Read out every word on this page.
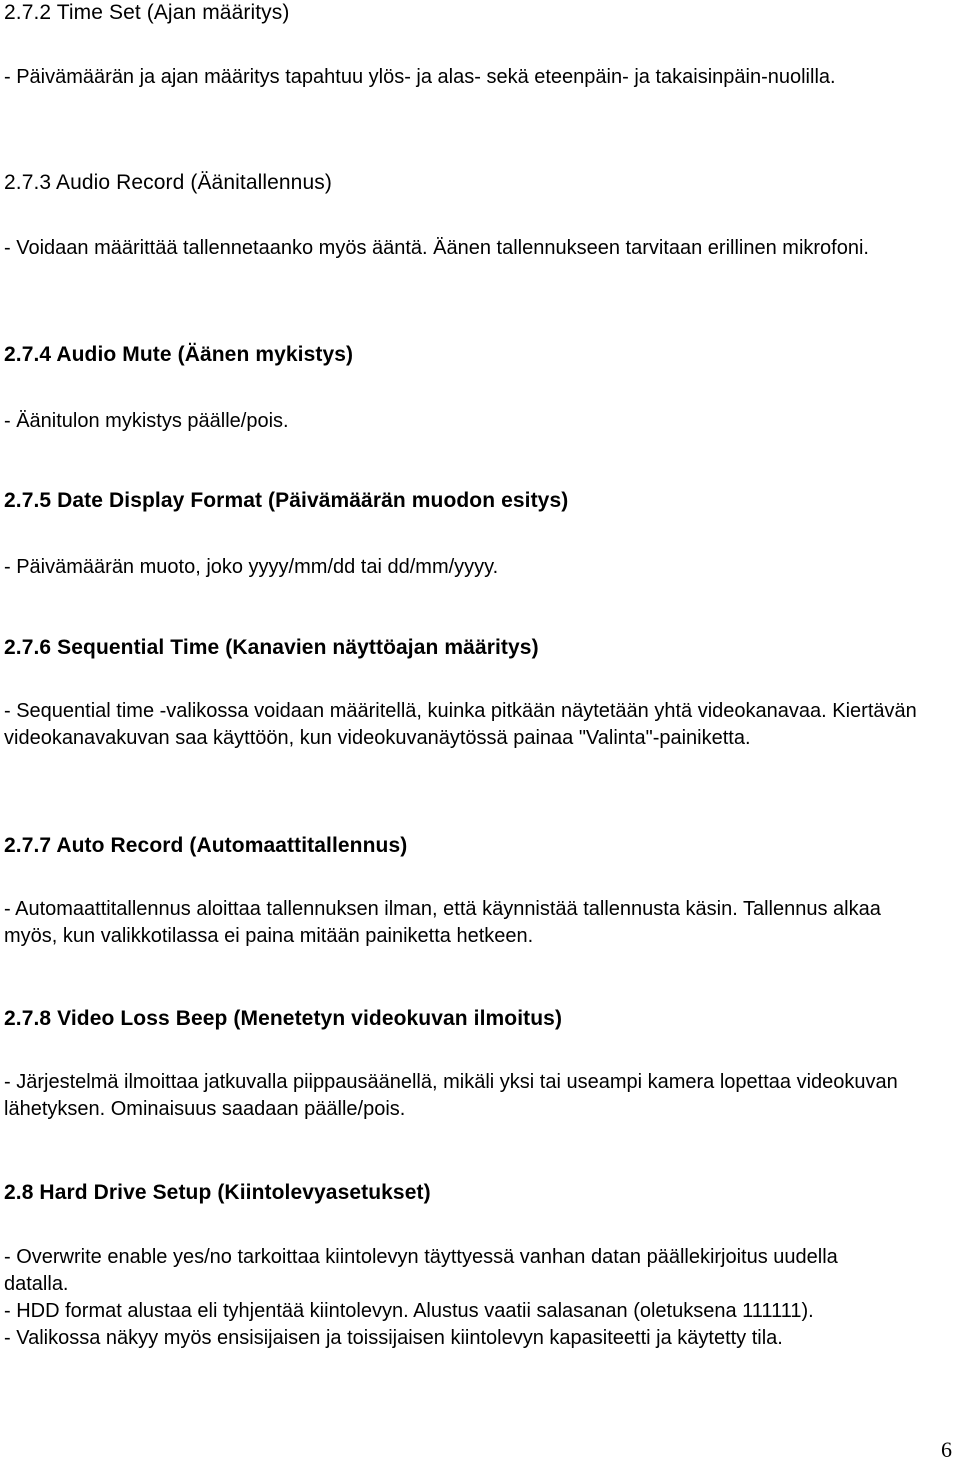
2.7.2 Time Set (Ajan määritys)

- Päivämäärän ja ajan määritys tapahtuu ylös- ja alas- sekä eteenpäin- ja takaisinpäin-nuolilla.

2.7.3 Audio Record (Äänitallennus)

- Voidaan määrittää tallennetaanko myös ääntä. Äänen tallennukseen tarvitaan erillinen mikrofoni.

2.7.4 Audio Mute (Äänen mykistys)

- Äänitulon mykistys päälle/pois.

2.7.5 Date Display Format (Päivämäärän muodon esitys)

- Päivämäärän muoto, joko yyyy/mm/dd tai dd/mm/yyyy.

2.7.6 Sequential Time (Kanavien näyttöajan määritys)

- Sequential time -valikossa voidaan määritellä, kuinka pitkään näytetään yhtä videokanavaa. Kiertävän videokanavakuvan saa käyttöön, kun videokuvanäytössä painaa "Valinta"-painiketta.

2.7.7 Auto Record (Automaattitallennus)

- Automaattitallennus aloittaa tallennuksen ilman, että käynnistää tallennusta käsin. Tallennus alkaa myös, kun valikkotilassa ei paina mitään painiketta hetkeen.

2.7.8 Video Loss Beep (Menetetyn videokuvan ilmoitus)

- Järjestelmä ilmoittaa jatkuvalla piippausäänellä, mikäli yksi tai useampi kamera lopettaa videokuvan lähetyksen. Ominaisuus saadaan päälle/pois.

2.8 Hard Drive Setup (Kiintolevyasetukset)

- Overwrite enable yes/no tarkoittaa kiintolevyn täyttyessä vanhan datan päällekirjoitus uudella datalla.

- HDD format alustaa eli tyhjentää kiintolevyn. Alustus vaatii salasanan (oletuksena 111111).

- Valikossa näkyy myös ensisijaisen ja toissijaisen kiintolevyn kapasiteetti ja käytetty tila.

6
